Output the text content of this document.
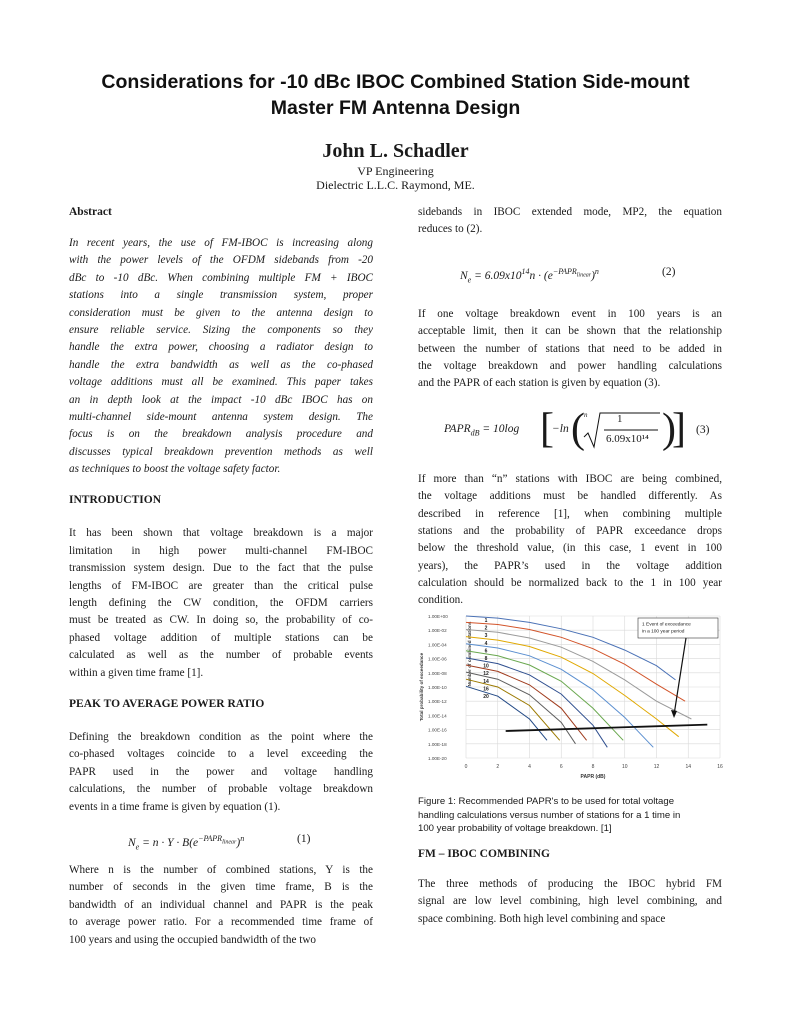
Considerations for -10 dBc IBOC Combined Station Side-mount
Master FM Antenna Design
John L. Schadler
VP Engineering
Dielectric L.L.C. Raymond, ME.
Abstract
In recent years, the use of FM-IBOC is increasing along
with the power levels of the OFDM sidebands from -20
dBc to -10 dBc. When combining multiple FM + IBOC
stations into a single transmission system, proper
consideration must be given to the antenna design to
ensure reliable service. Sizing the components so they
handle the extra power, choosing a radiator design to
handle the extra bandwidth as well as the co-phased
voltage additions must all be examined. This paper takes
an in depth look at the impact -10 dBc IBOC has on
multi-channel side-mount antenna system design. The
focus is on the breakdown analysis procedure and
discusses typical breakdown prevention methods as well
as techniques to boost the voltage safety factor.
INTRODUCTION
It has been shown that voltage breakdown is a major
limitation in high power multi-channel FM-IBOC
transmission system design. Due to the fact that the pulse
lengths of FM-IBOC are greater than the critical pulse
length defining the CW condition, the OFDM carriers
must be treated as CW. In doing so, the probability of co-
phased voltage addition of multiple stations can be
calculated as well as the number of probable events
within a given time frame [1].
PEAK TO AVERAGE POWER RATIO
Defining the breakdown condition as the point where the
co-phased voltages coincide to a level exceeding the
PAPR used in the power and voltage handling
calculations, the number of probable voltage breakdown
events in a time frame is given by equation (1).
$N_e = n \cdot Y \cdot B(e^{-PAPR_{linear}})^n$	(1)
Where n is the number of combined stations, Y is the
number of seconds in the given time frame, B is the
bandwidth of an individual channel and PAPR is the peak
to average power ratio. For a recommended time frame of
100 years and using the occupied bandwidth of the two
sidebands in IBOC extended mode, MP2, the equation
reduces to (2).
$N_e = 6.09x10^{14}n \cdot (e^{-PAPR_{linear}})^n$	(2)
If one voltage breakdown event in 100 years is an
acceptable limit, then it can be shown that the relationship
between the number of stations that need to be added in
the voltage breakdown and power handling calculations
and the PAPR of each station is given by equation (3).
$PAPR_{dB} = 10\log$ [
−ln ( n	1
6.09x10¹⁴ )
] (3)
If more than “n” stations with IBOC are being combined,
the voltage additions must be handled differently. As
described in reference [1], when combining multiple
stations and the probability of PAPR exceedance drops
below the threshold value, (in this case, 1 event in 100
years), the PAPR’s used in the voltage addition
calculation should be normalized back to the 1 in 100 year
condition.
1.00E+00
1.00E-02
1.00E-04
1.00E-06
1.00E-08
1.00E-10
1.00E-12
1.00E-14
1.00E-16
1.00E-18
1.00E-20
0	2	4	6	8	10	12	14	16
PAPR (dB)
Total probability of exceedance	Number of combined stations
1
2
3
4
6
8
10
12
14
16
20
1 Event of exceedance
in a 100 year period
Figure 1: Recommended PAPR's to be used for total voltage
handling calculations versus number of stations for a 1 time in
100 year probability of voltage breakdown. [1]
FM – IBOC COMBINING
The three methods of producing the IBOC hybrid FM
signal are low level combining, high level combining, and
space combining. Both high level combining and space
